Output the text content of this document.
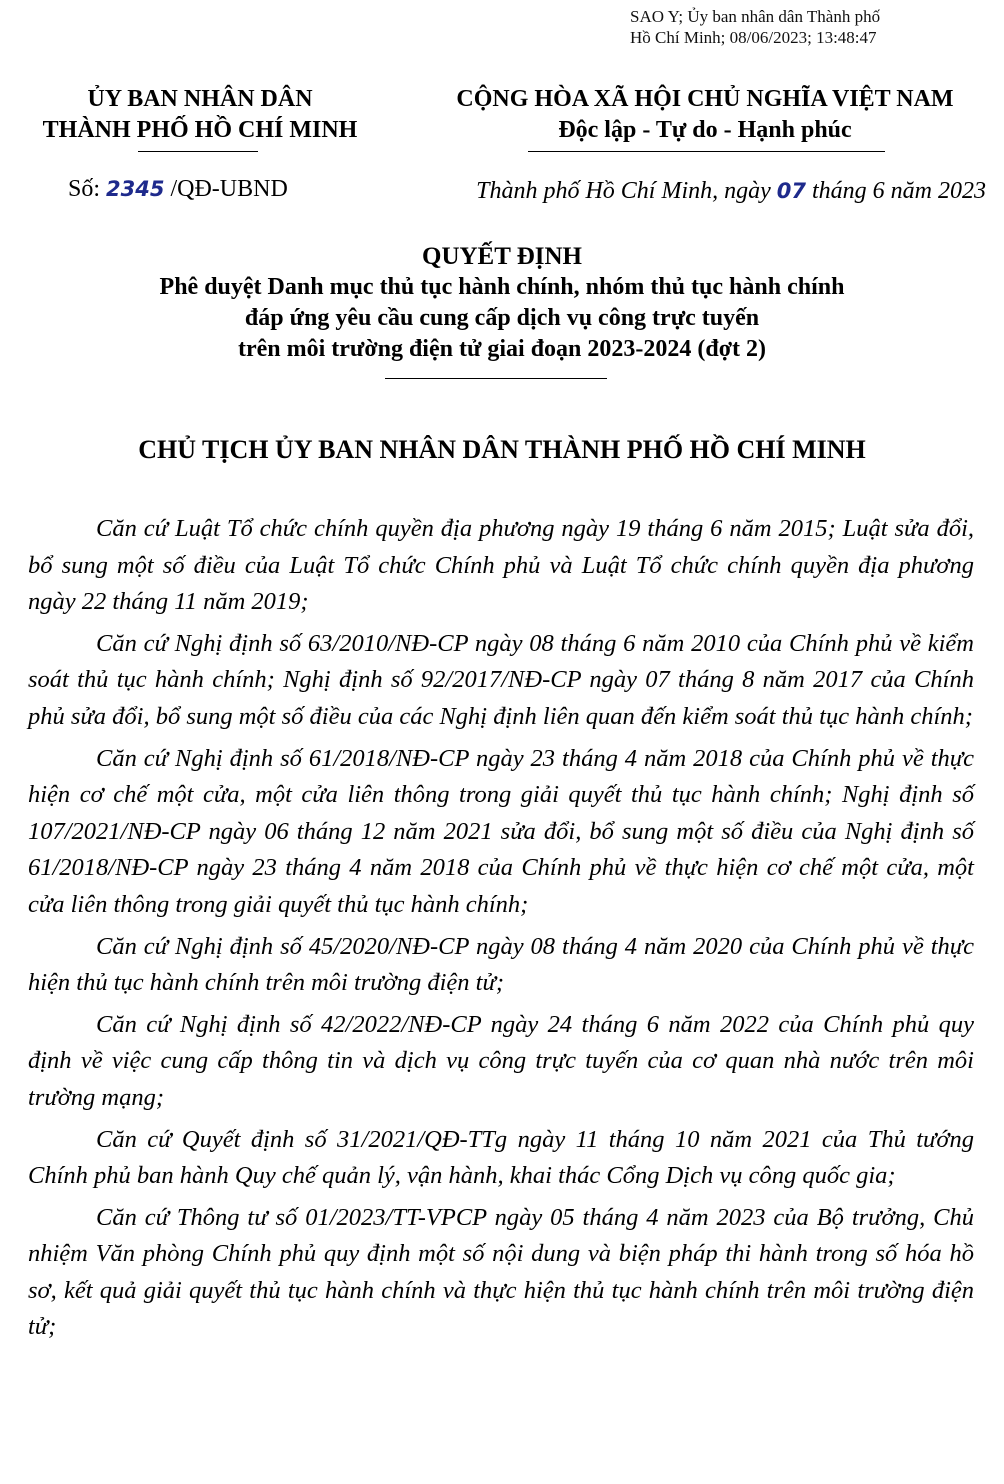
SAO Y; Ủy ban nhân dân Thành phố
Hồ Chí Minh; 08/06/2023; 13:48:47
ỦY BAN NHÂN DÂN
THÀNH PHỐ HỒ CHÍ MINH
CỘNG HÒA XÃ HỘI CHỦ NGHĨA VIỆT NAM
Độc lập - Tự do - Hạnh phúc
Số: 2345 /QĐ-UBND	Thành phố Hồ Chí Minh, ngày 07 tháng 6 năm 2023
QUYẾT ĐỊNH
Phê duyệt Danh mục thủ tục hành chính, nhóm thủ tục hành chính
đáp ứng yêu cầu cung cấp dịch vụ công trực tuyến
trên môi trường điện tử giai đoạn 2023-2024 (đợt 2)
CHỦ TỊCH ỦY BAN NHÂN DÂN THÀNH PHỐ HỒ CHÍ MINH

Căn cứ Luật Tổ chức chính quyền địa phương ngày 19 tháng 6 năm 2015; Luật sửa đổi, bổ sung một số điều của Luật Tổ chức Chính phủ và Luật Tổ chức chính quyền địa phương ngày 22 tháng 11 năm 2019;

Căn cứ Nghị định số 63/2010/NĐ-CP ngày 08 tháng 6 năm 2010 của Chính phủ về kiểm soát thủ tục hành chính; Nghị định số 92/2017/NĐ-CP ngày 07 tháng 8 năm 2017 của Chính phủ sửa đổi, bổ sung một số điều của các Nghị định liên quan đến kiểm soát thủ tục hành chính;

Căn cứ Nghị định số 61/2018/NĐ-CP ngày 23 tháng 4 năm 2018 của Chính phủ về thực hiện cơ chế một cửa, một cửa liên thông trong giải quyết thủ tục hành chính; Nghị định số 107/2021/NĐ-CP ngày 06 tháng 12 năm 2021 sửa đổi, bổ sung một số điều của Nghị định số 61/2018/NĐ-CP ngày 23 tháng 4 năm 2018 của Chính phủ về thực hiện cơ chế một cửa, một cửa liên thông trong giải quyết thủ tục hành chính;

Căn cứ Nghị định số 45/2020/NĐ-CP ngày 08 tháng 4 năm 2020 của Chính phủ về thực hiện thủ tục hành chính trên môi trường điện tử;

Căn cứ Nghị định số 42/2022/NĐ-CP ngày 24 tháng 6 năm 2022 của Chính phủ quy định về việc cung cấp thông tin và dịch vụ công trực tuyến của cơ quan nhà nước trên môi trường mạng;

Căn cứ Quyết định số 31/2021/QĐ-TTg ngày 11 tháng 10 năm 2021 của Thủ tướng Chính phủ ban hành Quy chế quản lý, vận hành, khai thác Cổng Dịch vụ công quốc gia;

Căn cứ Thông tư số 01/2023/TT-VPCP ngày 05 tháng 4 năm 2023 của Bộ trưởng, Chủ nhiệm Văn phòng Chính phủ quy định một số nội dung và biện pháp thi hành trong số hóa hồ sơ, kết quả giải quyết thủ tục hành chính và thực hiện thủ tục hành chính trên môi trường điện tử;
